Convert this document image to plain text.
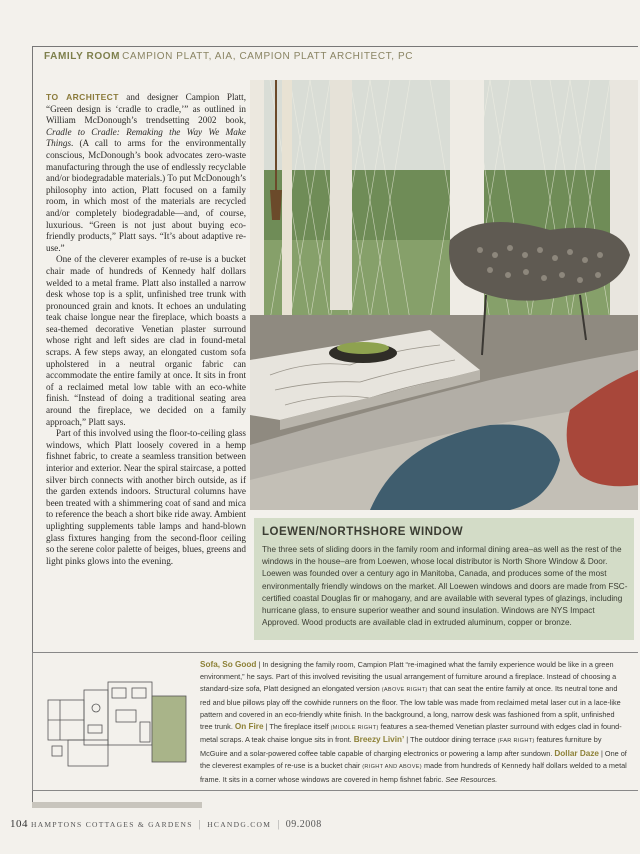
FAMILY ROOM CAMPION PLATT, AIA, CAMPION PLATT ARCHITECT, PC

TO ARCHITECT and designer Campion Platt, “Green design is ‘cradle to cradle,’” as outlined in William McDonough’s trendsetting 2002 book, Cradle to Cradle: Remaking the Way We Make Things. (A call to arms for the environmentally conscious, McDonough’s book advocates zero-waste manufacturing through the use of endlessly recyclable and/or biodegradable materials.) To put McDonough’s philosophy into action, Platt focused on a family room, in which most of the materials are recycled and/or completely biodegradable—and, of course, luxurious. “Green is not just about buying eco-friendly products,” Platt says. “It’s about adaptive re-use.”

One of the cleverer examples of re-use is a bucket chair made of hundreds of Kennedy half dollars welded to a metal frame. Platt also installed a narrow desk whose top is a split, unfinished tree trunk with pronounced grain and knots. It echoes an undulating teak chaise longue near the fireplace, which boasts a sea-themed decorative Venetian plaster surround whose right and left sides are clad in found-metal scraps. A few steps away, an elongated custom sofa upholstered in a neutral organic fabric can accommodate the entire family at once. It sits in front of a reclaimed metal low table with an eco-white finish. “Instead of doing a traditional seating area around the fireplace, we decided on a family approach,” Platt says.

Part of this involved using the floor-to-ceiling glass windows, which Platt loosely covered in a hemp fishnet fabric, to create a seamless transition between interior and exterior. Near the spiral staircase, a potted silver birch connects with another birch outside, as if the garden extends indoors. Structural columns have been treated with a shimmering coat of sand and mica to reference the beach a short bike ride away. Ambient uplighting supplements table lamps and hand-blown glass fixtures hanging from the second-floor ceiling so the serene color palette of beiges, blues, greens and light pinks glows into the evening.

LOEWEN/NORTHSHORE WINDOW
The three sets of sliding doors in the family room and informal dining area–as well as the rest of the windows in the house–are from Loewen, whose local distributor is North Shore Window & Door. Loewen was founded over a century ago in Manitoba, Canada, and produces some of the most environmentally friendly windows on the market. All Loewen windows and doors are made from FSC-certified coastal Douglas fir or mahogany, and are available with several types of glazings, including hurricane glass, to ensure superior weather and sound insulation. Windows are NYS Impact Approved. Wood products are available clad in extruded aluminum, copper or bronze.
Sofa, So Good | In designing the family room, Campion Platt “re-imagined what the family experience would be like in a green environment,” he says. Part of this involved revisiting the usual arrangement of furniture around a fireplace. Instead of choosing a standard-size sofa, Platt designed an elongated version (ABOVE RIGHT) that can seat the entire family at once. Its neutral tone and red and blue pillows play off the cowhide runners on the floor. The low table was made from reclaimed metal laser cut in a lace-like pattern and covered in an eco-friendly white finish. In the background, a long, narrow desk was fashioned from a split, unfinished tree trunk. On Fire | The fireplace itself (MIDDLE RIGHT) features a sea-themed Venetian plaster surround with edges clad in found-metal scraps. A teak chaise longue sits in front. Breezy Livin’ | The outdoor dining terrace (FAR RIGHT) features furniture by McGuire and a solar-powered coffee table capable of charging electronics or powering a lamp after sundown. Dollar Daze | One of the cleverest examples of re-use is a bucket chair (RIGHT AND ABOVE) made from hundreds of Kennedy half dollars welded to a metal frame. It sits in a corner whose windows are covered in hemp fishnet fabric. See Resources.
104 HAMPTONS COTTAGES & GARDENS | HCANDG.COM | 09.2008
